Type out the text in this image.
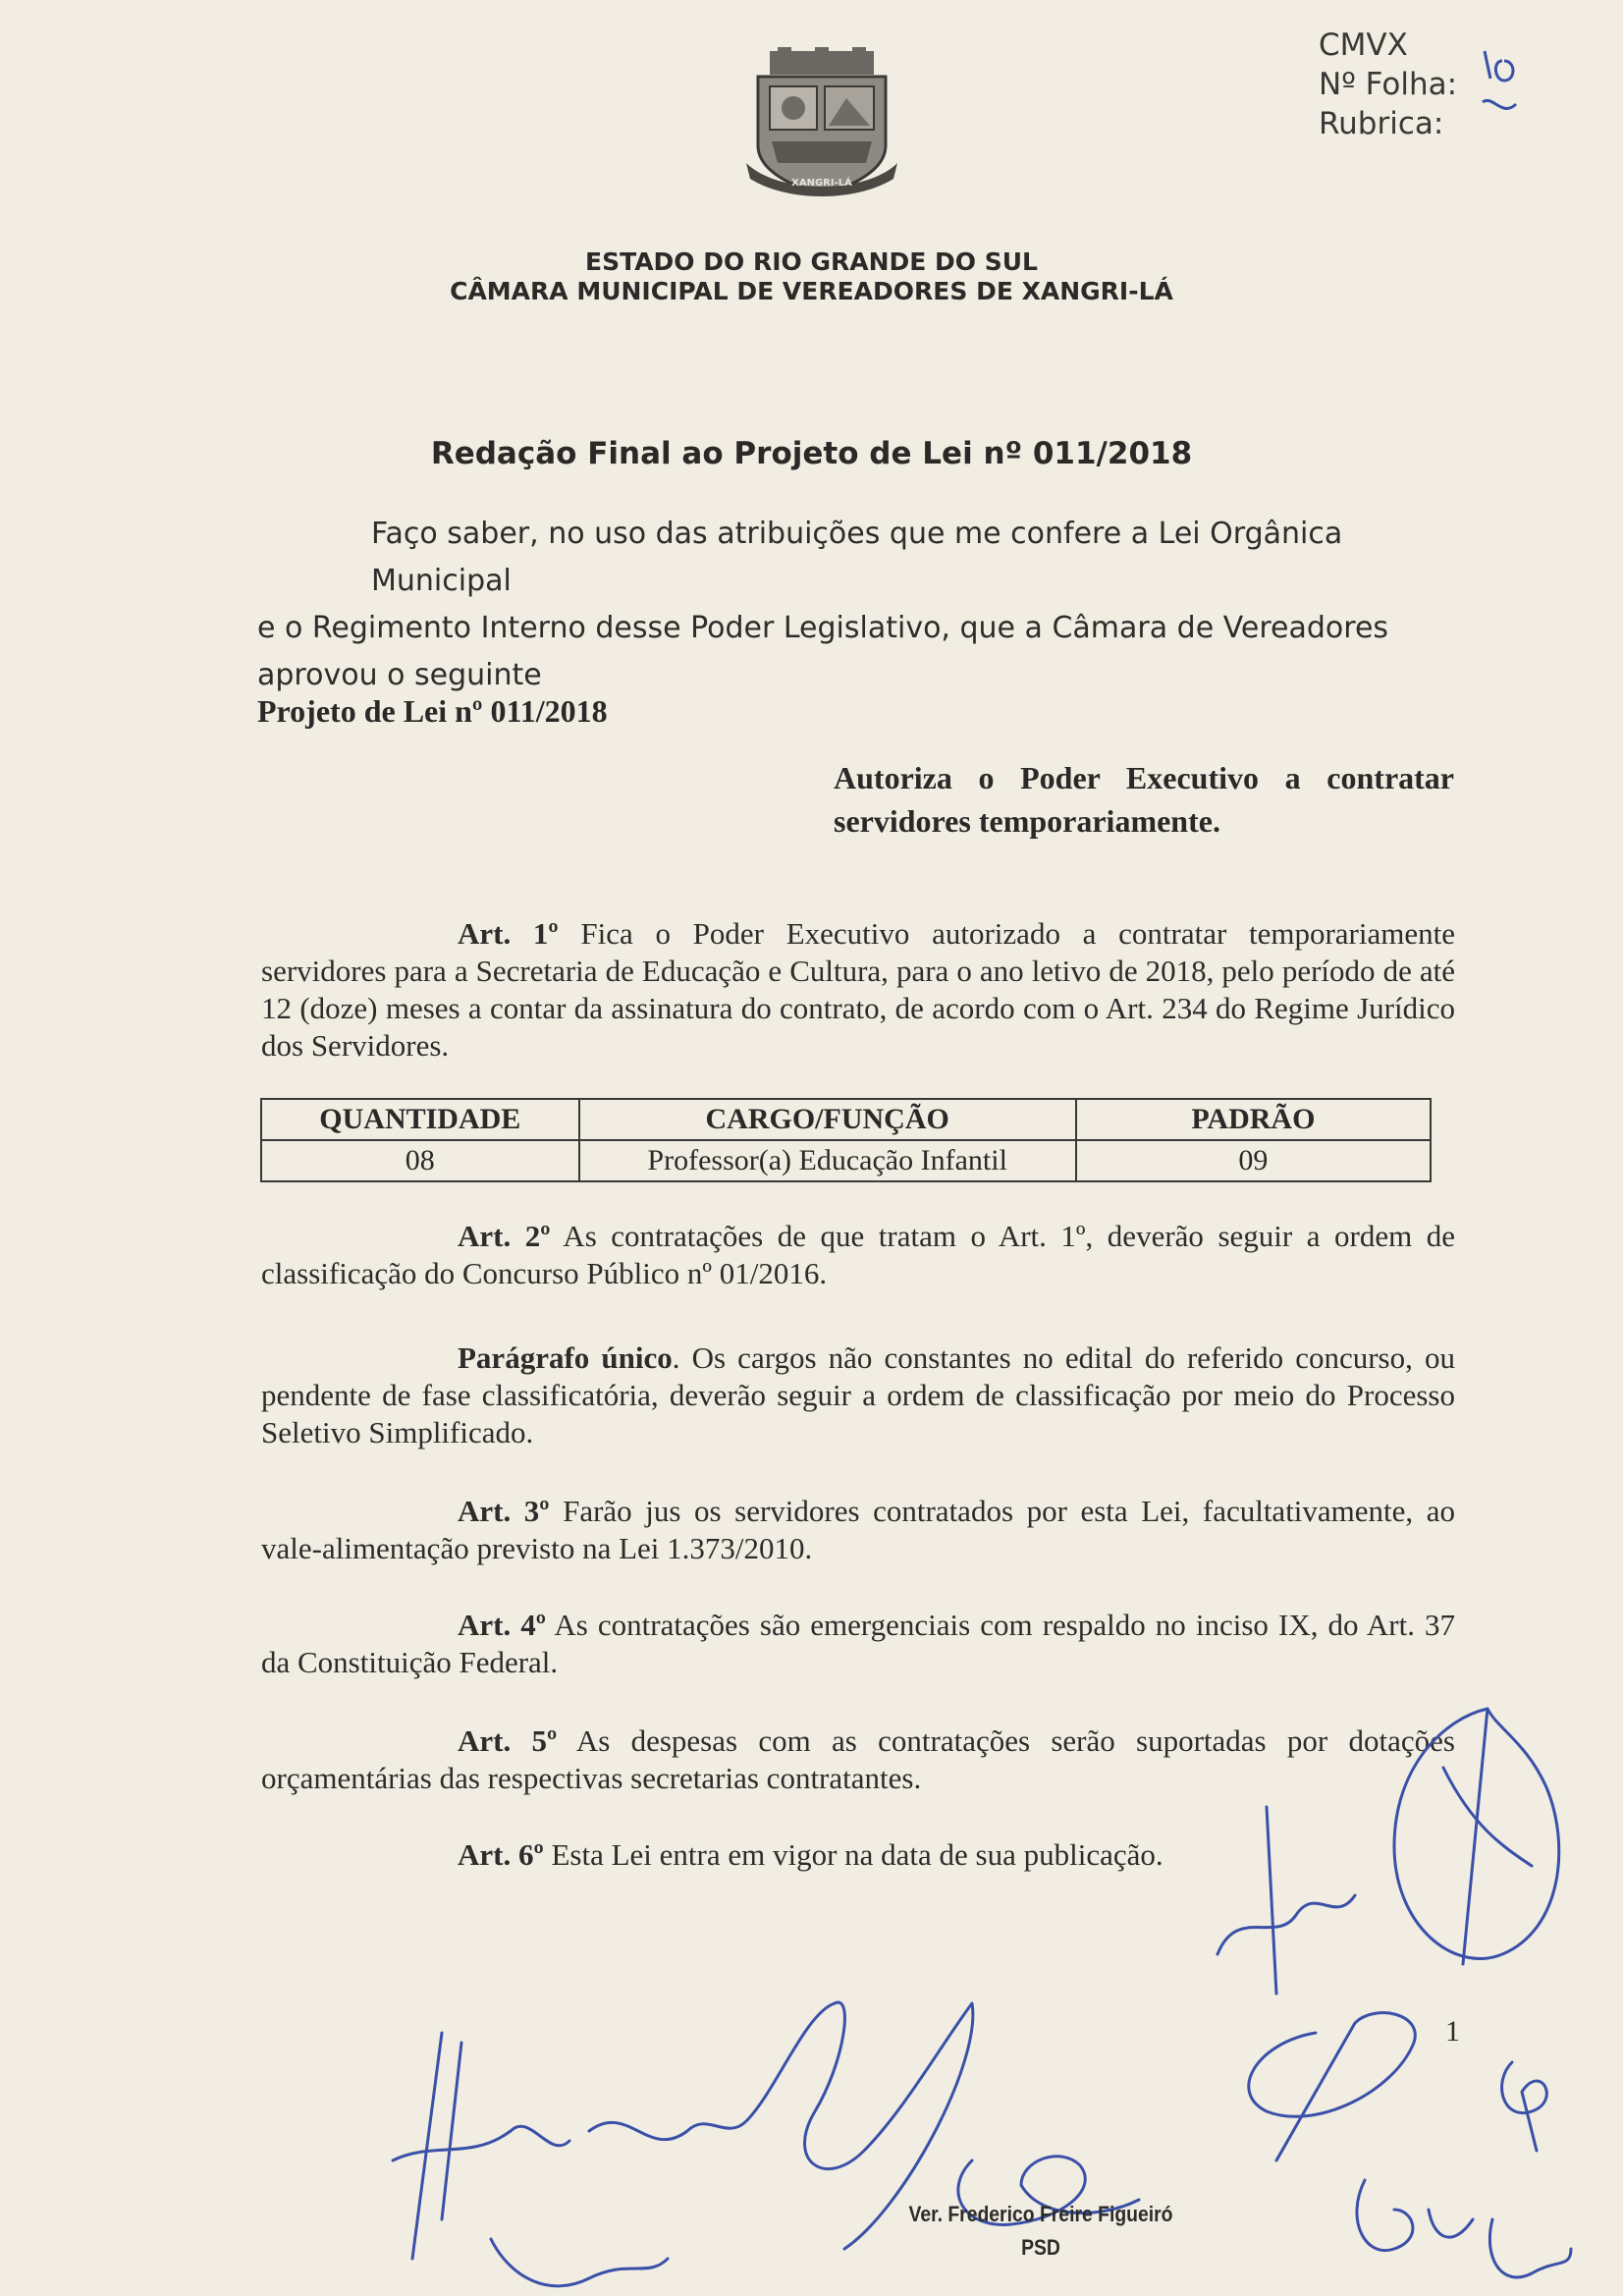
CMVX
Nº Folha:
Rubrica:
XANGRI-LÁ
ESTADO DO RIO GRANDE DO SUL
CÂMARA MUNICIPAL DE VEREADORES DE XANGRI-LÁ
Redação Final ao Projeto de Lei nº 011/2018
Faço saber, no uso das atribuições que me confere a Lei Orgânica Municipal
e o Regimento Interno desse Poder Legislativo, que a Câmara de Vereadores aprovou o seguinte
Projeto de Lei nº 011/2018
Autoriza o Poder Executivo a contratar servidores temporariamente.
Art. 1º Fica o Poder Executivo autorizado a contratar temporariamente servidores para a Secretaria de Educação e Cultura, para o ano letivo de 2018, pelo período de até 12 (doze) meses a contar da assinatura do contrato, de acordo com o Art. 234 do Regime Jurídico dos Servidores.
QUANTIDADE	CARGO/FUNÇÃO	PADRÃO
08	Professor(a) Educação Infantil	09
Art. 2º As contratações de que tratam o Art. 1º, deverão seguir a ordem de classificação do Concurso Público nº 01/2016.
Parágrafo único. Os cargos não constantes no edital do referido concurso, ou pendente de fase classificatória, deverão seguir a ordem de classificação por meio do Processo Seletivo Simplificado.
Art. 3º Farão jus os servidores contratados por esta Lei, facultativamente, ao vale-alimentação previsto na Lei 1.373/2010.
Art. 4º As contratações são emergenciais com respaldo no inciso IX, do Art. 37 da Constituição Federal.
Art. 5º As despesas com as contratações serão suportadas por dotações orçamentárias das respectivas secretarias contratantes.
Art. 6º Esta Lei entra em vigor na data de sua publicação.
1
Ver. Frederico Freire Figueiró
PSD
